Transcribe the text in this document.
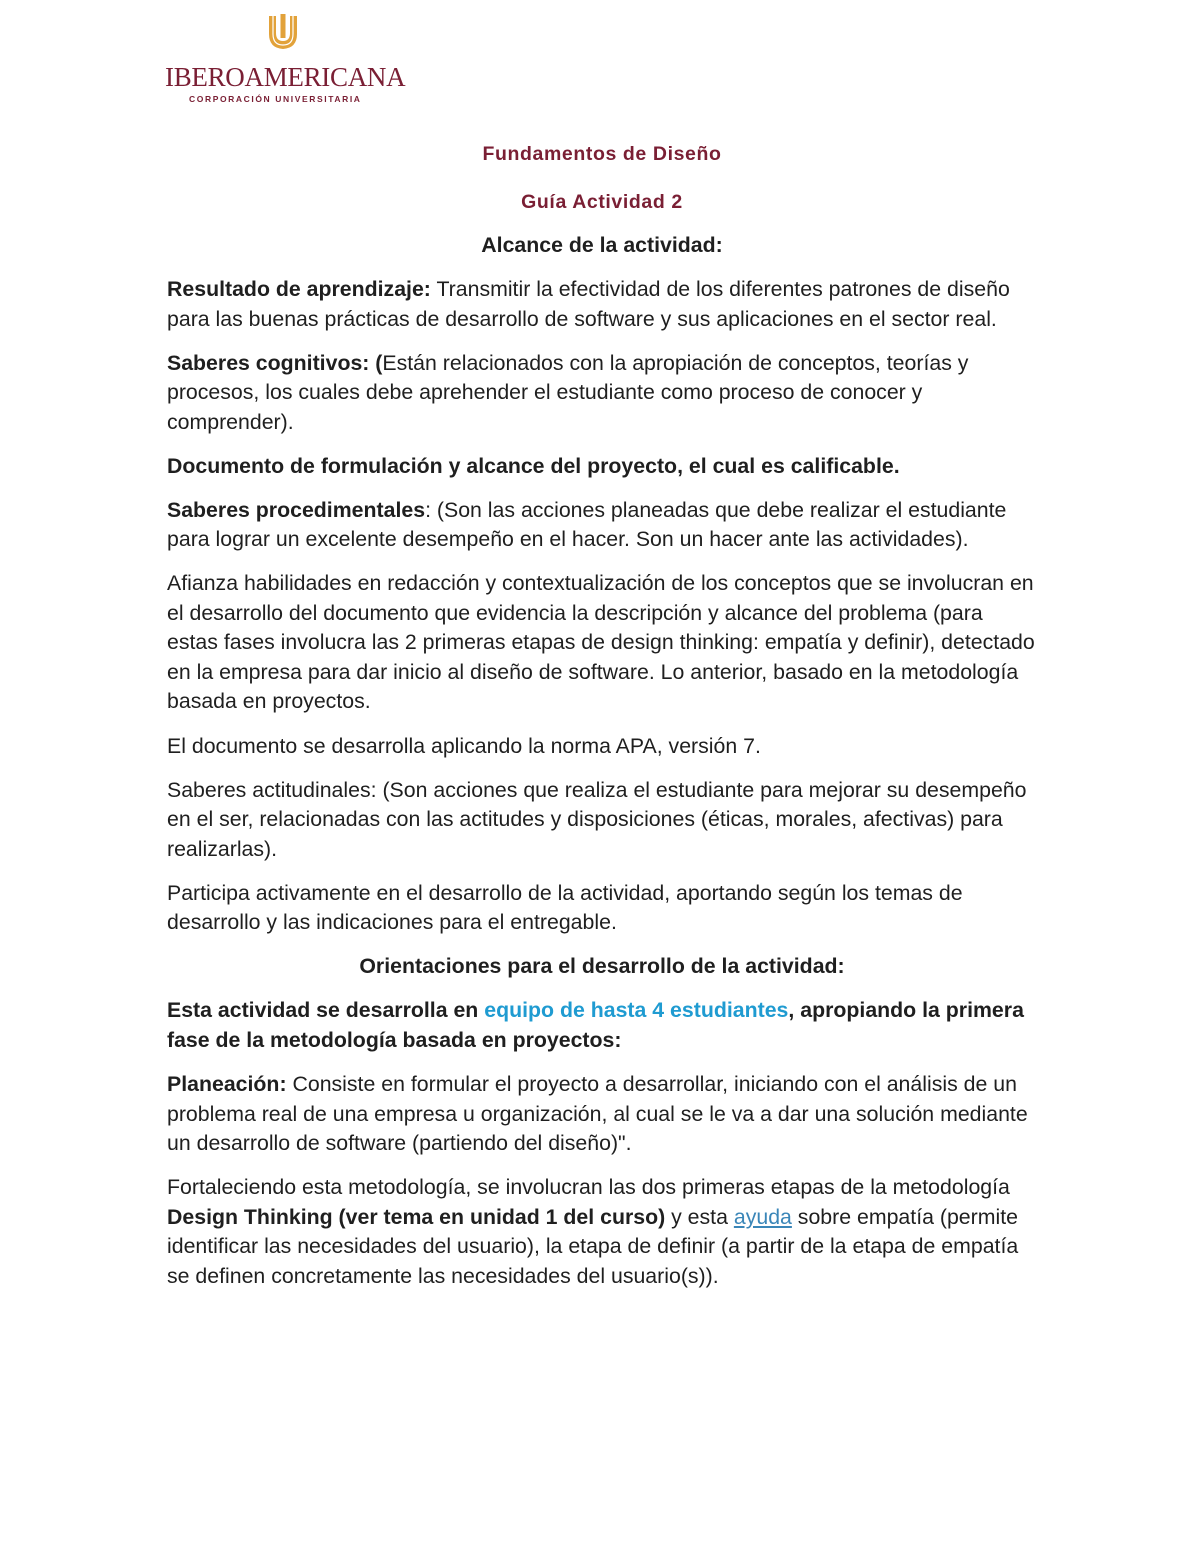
IBEROAMERICANA
CORPORACIÓN UNIVERSITARIA

Fundamentos de Diseño

Guía Actividad 2

Alcance de la actividad:

Resultado de aprendizaje: Transmitir la efectividad de los diferentes patrones de diseño para las buenas prácticas de desarrollo de software y sus aplicaciones en el sector real.

Saberes cognitivos: (Están relacionados con la apropiación de conceptos, teorías y procesos, los cuales debe aprehender el estudiante como proceso de conocer y comprender).

Documento de formulación y alcance del proyecto, el cual es calificable.

Saberes procedimentales: (Son las acciones planeadas que debe realizar el estudiante para lograr un excelente desempeño en el hacer. Son un hacer ante las actividades).

Afianza habilidades en redacción y contextualización de los conceptos que se involucran en el desarrollo del documento que evidencia la descripción y alcance del problema (para estas fases involucra las 2 primeras etapas de design thinking: empatía y definir), detectado en la empresa para dar inicio al diseño de software. Lo anterior, basado en la metodología basada en proyectos.

El documento se desarrolla aplicando la norma APA, versión 7.

Saberes actitudinales: (Son acciones que realiza el estudiante para mejorar su desempeño en el ser, relacionadas con las actitudes y disposiciones (éticas, morales, afectivas) para realizarlas).

Participa activamente en el desarrollo de la actividad, aportando según los temas de desarrollo y las indicaciones para el entregable.

Orientaciones para el desarrollo de la actividad:

Esta actividad se desarrolla en equipo de hasta 4 estudiantes, apropiando la primera fase de la metodología basada en proyectos:

Planeación: Consiste en formular el proyecto a desarrollar, iniciando con el análisis de un problema real de una empresa u organización, al cual se le va a dar una solución mediante un desarrollo de software (partiendo del diseño)".

Fortaleciendo esta metodología, se involucran las dos primeras etapas de la metodología Design Thinking (ver tema en unidad 1 del curso) y esta ayuda sobre empatía (permite identificar las necesidades del usuario), la etapa de definir (a partir de la etapa de empatía se definen concretamente las necesidades del usuario(s)).
